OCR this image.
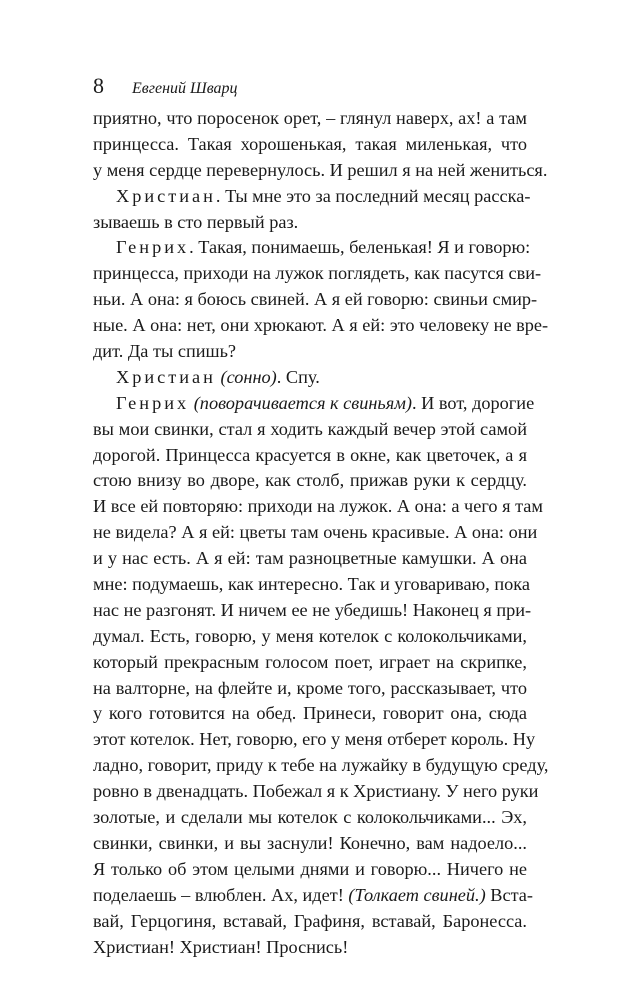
8 Евгений Шварц
приятно, что поросенок орет, – глянул наверх, ах! а там
принцесса. Такая хорошенькая, такая миленькая, что
у меня сердце перевернулось. И решил я на ней жениться.
Христиан. Ты мне это за последний месяц расска-
зываешь в сто первый раз.
Генрих. Такая, понимаешь, беленькая! Я и говорю:
принцесса, приходи на лужок поглядеть, как пасутся сви-
ньи. А она: я боюсь свиней. А я ей говорю: свиньи смир-
ные. А она: нет, они хрюкают. А я ей: это человеку не вре-
дит. Да ты спишь?
Христиан (сонно). Спу.
Генрих (поворачивается к свиньям). И вот, дорогие
вы мои свинки, стал я ходить каждый вечер этой самой
дорогой. Принцесса красуется в окне, как цветочек, а я
стою внизу во дворе, как столб, прижав руки к сердцу.
И все ей повторяю: приходи на лужок. А она: а чего я там
не видела? А я ей: цветы там очень красивые. А она: они
и у нас есть. А я ей: там разноцветные камушки. А она
мне: подумаешь, как интересно. Так и уговариваю, пока
нас не разгонят. И ничем ее не убедишь! Наконец я при-
думал. Есть, говорю, у меня котелок с колокольчиками,
который прекрасным голосом поет, играет на скрипке,
на валторне, на флейте и, кроме того, рассказывает, что
у кого готовится на обед. Принеси, говорит она, сюда
этот котелок. Нет, говорю, его у меня отберет король. Ну
ладно, говорит, приду к тебе на лужайку в будущую среду,
ровно в двенадцать. Побежал я к Христиану. У него руки
золотые, и сделали мы котелок с колокольчиками... Эх,
свинки, свинки, и вы заснули! Конечно, вам надоело...
Я только об этом целыми днями и говорю... Ничего не
поделаешь – влюблен. Ах, идет! (Толкает свиней.) Вста-
вай, Герцогиня, вставай, Графиня, вставай, Баронесса.
Христиан! Христиан! Проснись!
